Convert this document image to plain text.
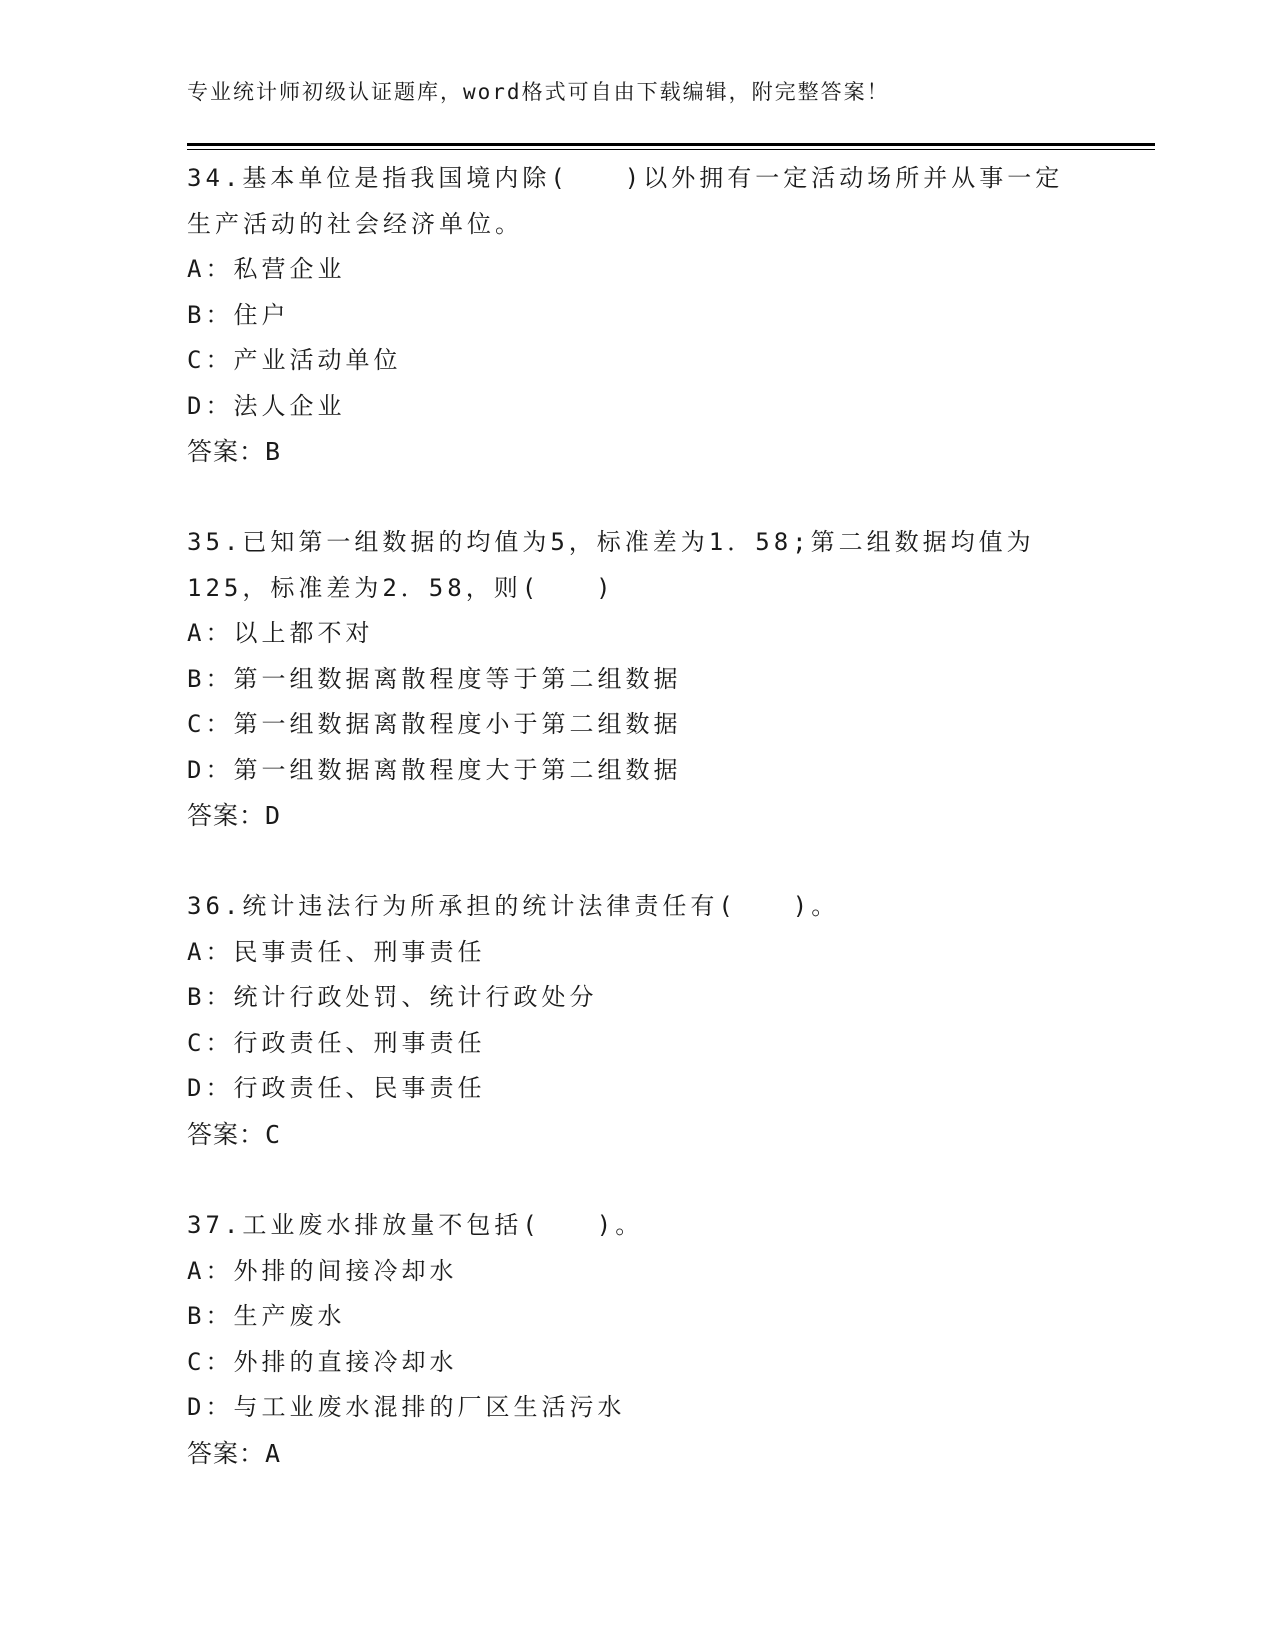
专业统计师初级认证题库，word格式可自由下载编辑，附完整答案！
34.基本单位是指我国境内除(　　)以外拥有一定活动场所并从事一定
生产活动的社会经济单位。
A：私营企业
B：住户
C：产业活动单位
D：法人企业
答案：B
35.已知第一组数据的均值为5，标准差为1．58;第二组数据均值为
125，标准差为2．58，则(　　)
A：以上都不对
B：第一组数据离散程度等于第二组数据
C：第一组数据离散程度小于第二组数据
D：第一组数据离散程度大于第二组数据
答案：D
36.统计违法行为所承担的统计法律责任有(　　)。
A：民事责任、刑事责任
B：统计行政处罚、统计行政处分
C：行政责任、刑事责任
D：行政责任、民事责任
答案：C
37.工业废水排放量不包括(　　)。
A：外排的间接冷却水
B：生产废水
C：外排的直接冷却水
D：与工业废水混排的厂区生活污水
答案：A
